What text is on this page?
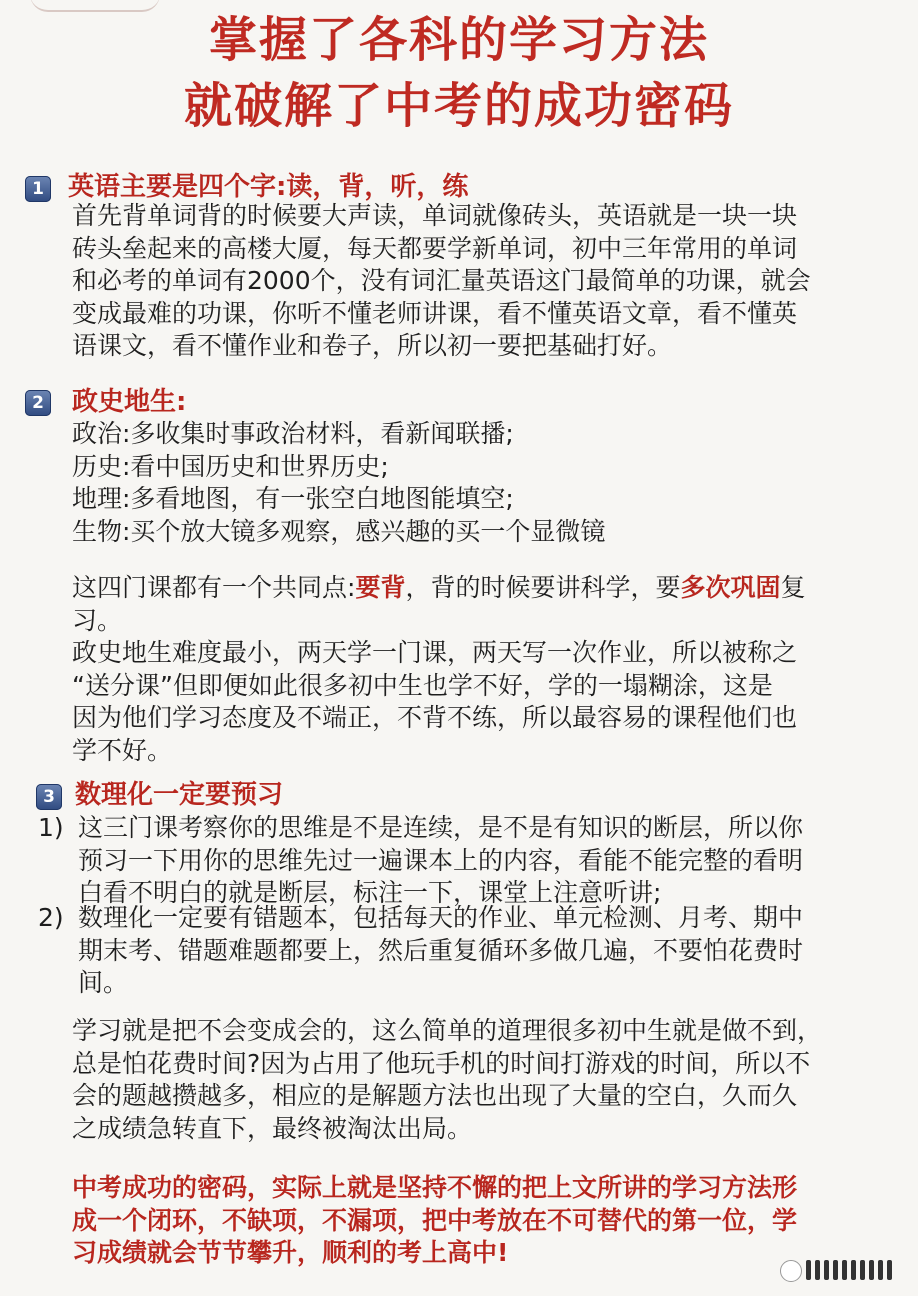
掌握了各科的学习方法
就破解了中考的成功密码
1 英语主要是四个字:读，背，听，练
首先背单词背的时候要大声读，单词就像砖头，英语就是一块一块
砖头垒起来的高楼大厦，每天都要学新单词，初中三年常用的单词
和必考的单词有2000个，没有词汇量英语这门最简单的功课，就会
变成最难的功课，你听不懂老师讲课，看不懂英语文章，看不懂英
语课文，看不懂作业和卷子，所以初一要把基础打好。
2 政史地生:
政治:多收集时事政治材料，看新闻联播;
历史:看中国历史和世界历史;
地理:多看地图，有一张空白地图能填空;
生物:买个放大镜多观察，感兴趣的买一个显微镜
这四门课都有一个共同点:要背，背的时候要讲科学，要多次巩固复
习。
政史地生难度最小，两天学一门课，两天写一次作业，所以被称之
“送分课”但即便如此很多初中生也学不好，学的一塌糊涂，这是
因为他们学习态度及不端正，不背不练，所以最容易的课程他们也
学不好。
3 数理化一定要预习
1) 这三门课考察你的思维是不是连续，是不是有知识的断层，所以你
预习一下用你的思维先过一遍课本上的内容，看能不能完整的看明
白看不明白的就是断层，标注一下，课堂上注意听讲;
2) 数理化一定要有错题本，包括每天的作业、单元检测、月考、期中
期末考、错题难题都要上，然后重复循环多做几遍，不要怕花费时
间。
学习就是把不会变成会的，这么简单的道理很多初中生就是做不到，
总是怕花费时间?因为占用了他玩手机的时间打游戏的时间，所以不
会的题越攒越多，相应的是解题方法也出现了大量的空白，久而久
之成绩急转直下，最终被淘汰出局。
中考成功的密码，实际上就是坚持不懈的把上文所讲的学习方法形
成一个闭环，不缺项，不漏项，把中考放在不可替代的第一位，学
习成绩就会节节攀升，顺利的考上高中!
